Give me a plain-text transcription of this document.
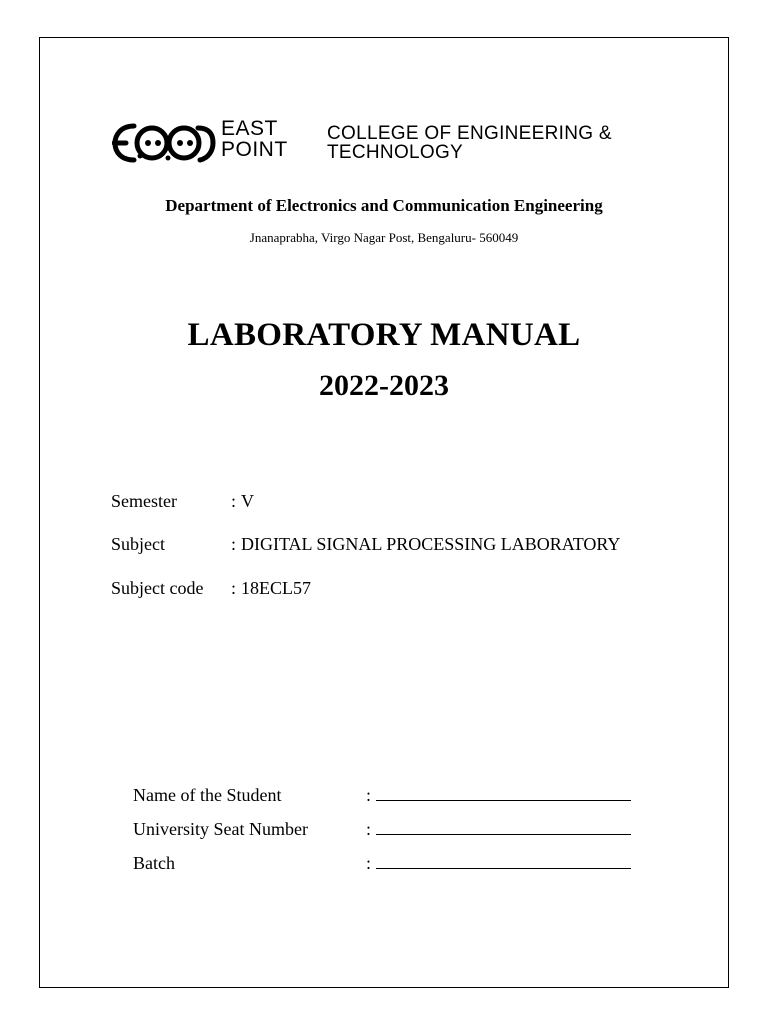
EAST
POINT
COLLEGE OF ENGINEERING &
TECHNOLOGY
Department of Electronics and Communication Engineering
Jnanaprabha, Virgo Nagar Post, Bengaluru- 560049
LABORATORY MANUAL
2022-2023
Semester	: V
Subject	: DIGITAL SIGNAL PROCESSING LABORATORY
Subject code : 18ECL57
Name of the Student	:
University Seat Number	:
Batch	:
